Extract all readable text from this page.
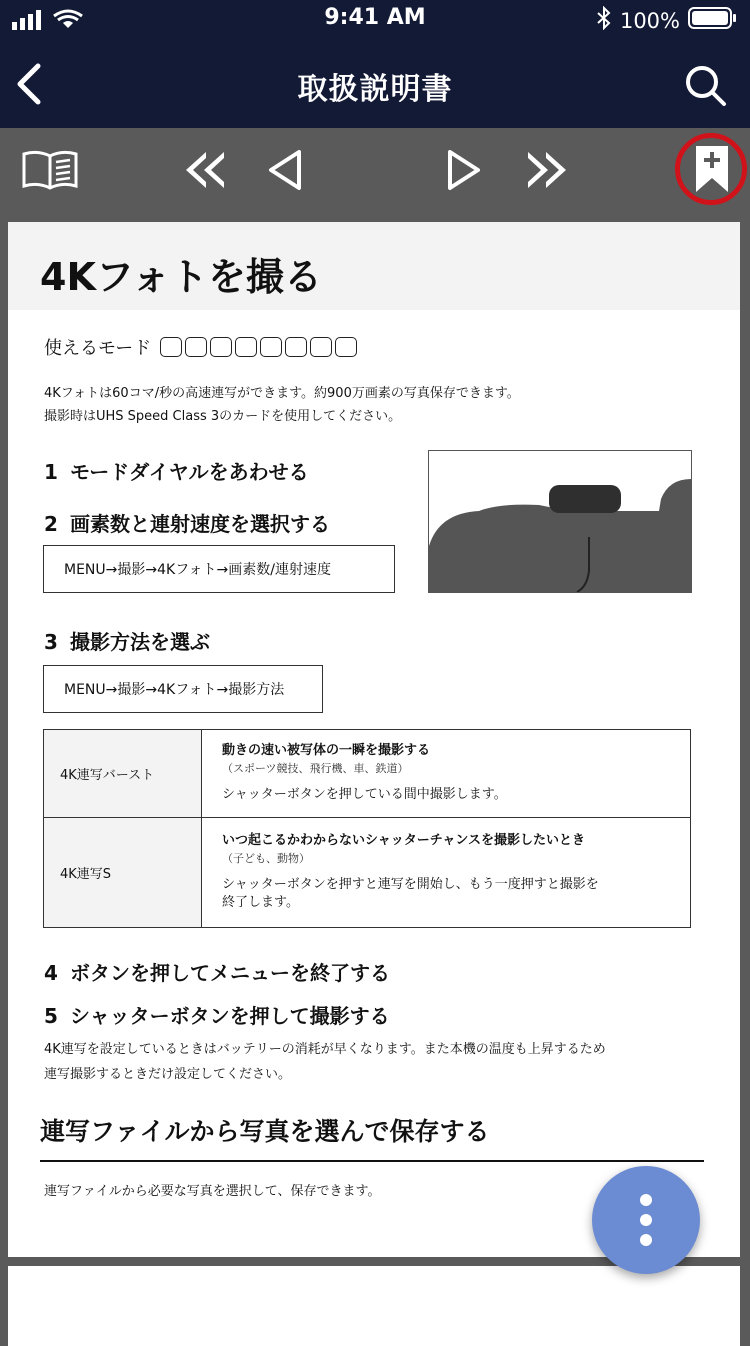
9:41 AM	100%
取扱説明書
4Kフォトを撮る
使えるモード
4Kフォトは60コマ/秒の高速連写ができます。約900万画素の写真保存できます。
撮影時はUHS Speed Class 3のカードを使用してください。
1 モードダイヤルをあわせる
2 画素数と連射速度を選択する
MENU→撮影→4Kフォト→画素数/連射速度
3 撮影方法を選ぶ
MENU→撮影→4Kフォト→撮影方法
4K連写バースト	動きの速い被写体の一瞬を撮影する
（スポーツ競技、飛行機、車、鉄道）
シャッターボタンを押している間中撮影します。

4K連写S	いつ起こるかわからないシャッターチャンスを撮影したいとき
（子ども、動物）
シャッターボタンを押すと連写を開始し、もう一度押すと撮影を
終了します。
4 ボタンを押してメニューを終了する
5 シャッターボタンを押して撮影する
4K連写を設定しているときはバッテリーの消耗が早くなります。また本機の温度も上昇するため
連写撮影するときだけ設定してください。
連写ファイルから写真を選んで保存する
連写ファイルから必要な写真を選択して、保存できます。
